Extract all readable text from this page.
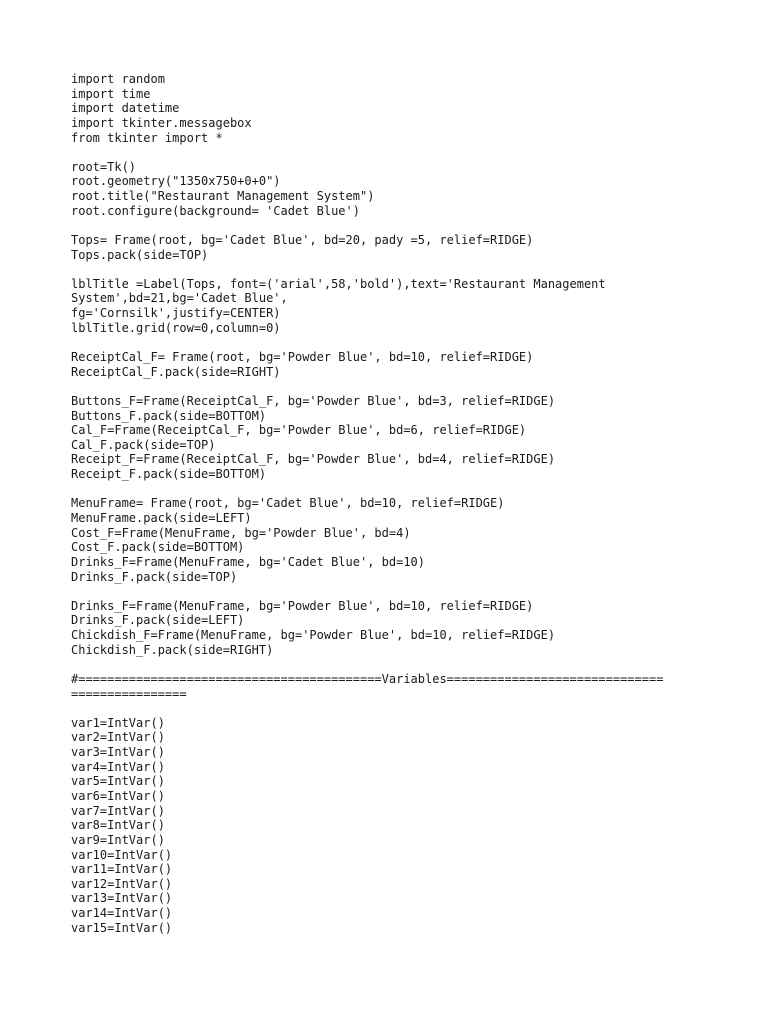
import random
import time
import datetime
import tkinter.messagebox
from tkinter import *
root=Tk()
root.geometry("1350x750+0+0")
root.title("Restaurant Management System")
root.configure(background= 'Cadet Blue')
Tops= Frame(root, bg='Cadet Blue', bd=20, pady =5, relief=RIDGE)
Tops.pack(side=TOP)
lblTitle =Label(Tops, font=('arial',58,'bold'),text='Restaurant Management
System',bd=21,bg='Cadet Blue',
fg='Cornsilk',justify=CENTER)
lblTitle.grid(row=0,column=0)
ReceiptCal_F= Frame(root, bg='Powder Blue', bd=10, relief=RIDGE)
ReceiptCal_F.pack(side=RIGHT)
Buttons_F=Frame(ReceiptCal_F, bg='Powder Blue', bd=3, relief=RIDGE)
Buttons_F.pack(side=BOTTOM)
Cal_F=Frame(ReceiptCal_F, bg='Powder Blue', bd=6, relief=RIDGE)
Cal_F.pack(side=TOP)
Receipt_F=Frame(ReceiptCal_F, bg='Powder Blue', bd=4, relief=RIDGE)
Receipt_F.pack(side=BOTTOM)
MenuFrame= Frame(root, bg='Cadet Blue', bd=10, relief=RIDGE)
MenuFrame.pack(side=LEFT)
Cost_F=Frame(MenuFrame, bg='Powder Blue', bd=4)
Cost_F.pack(side=BOTTOM)
Drinks_F=Frame(MenuFrame, bg='Cadet Blue', bd=10)
Drinks_F.pack(side=TOP)
Drinks_F=Frame(MenuFrame, bg='Powder Blue', bd=10, relief=RIDGE)
Drinks_F.pack(side=LEFT)
Chickdish_F=Frame(MenuFrame, bg='Powder Blue', bd=10, relief=RIDGE)
Chickdish_F.pack(side=RIGHT)
#==========================================Variables==============================
================
var1=IntVar()
var2=IntVar()
var3=IntVar()
var4=IntVar()
var5=IntVar()
var6=IntVar()
var7=IntVar()
var8=IntVar()
var9=IntVar()
var10=IntVar()
var11=IntVar()
var12=IntVar()
var13=IntVar()
var14=IntVar()
var15=IntVar()
